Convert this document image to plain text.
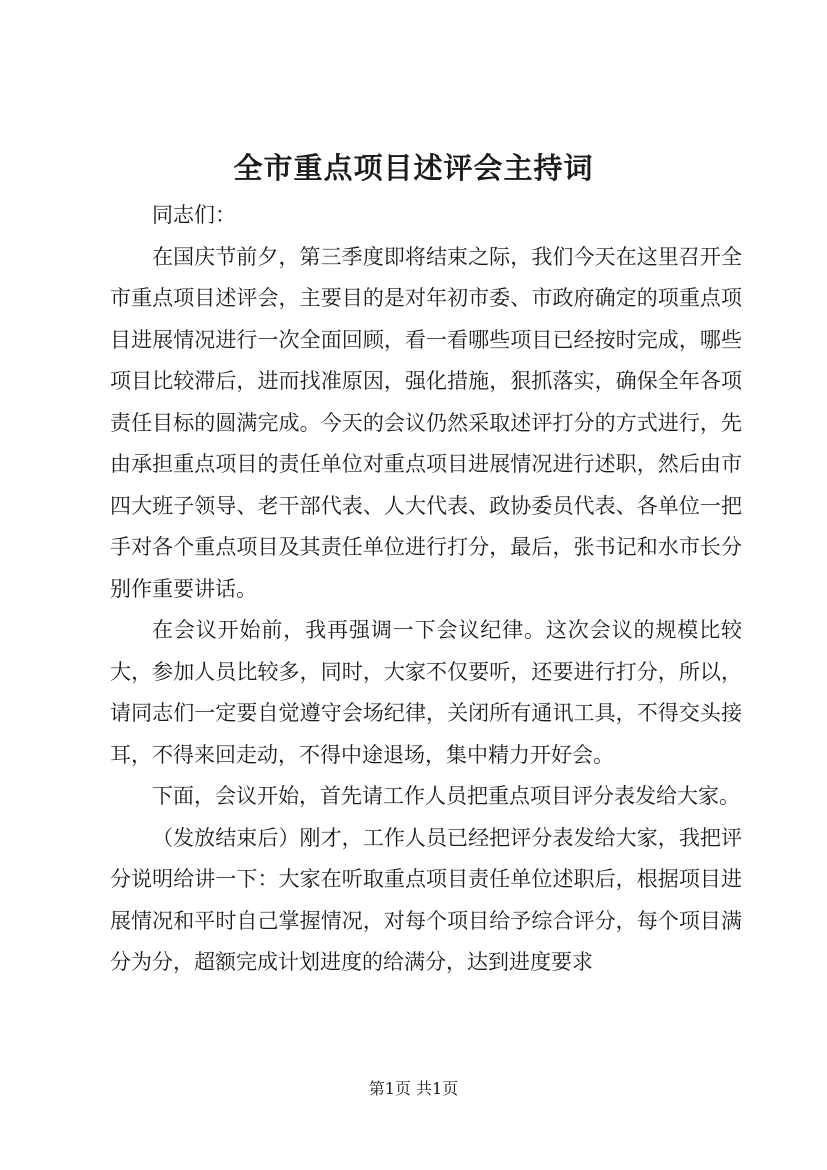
全市重点项目述评会主持词

同志们：

在国庆节前夕，第三季度即将结束之际，我们今天在这里召开全市重点项目述评会，主要目的是对年初市委、市政府确定的项重点项目进展情况进行一次全面回顾，看一看哪些项目已经按时完成，哪些项目比较滞后，进而找准原因，强化措施，狠抓落实，确保全年各项责任目标的圆满完成。今天的会议仍然采取述评打分的方式进行，先由承担重点项目的责任单位对重点项目进展情况进行述职，然后由市四大班子领导、老干部代表、人大代表、政协委员代表、各单位一把手对各个重点项目及其责任单位进行打分，最后，张书记和水市长分别作重要讲话。

在会议开始前，我再强调一下会议纪律。这次会议的规模比较大，参加人员比较多，同时，大家不仅要听，还要进行打分，所以，请同志们一定要自觉遵守会场纪律，关闭所有通讯工具，不得交头接耳，不得来回走动，不得中途退场，集中精力开好会。

下面，会议开始，首先请工作人员把重点项目评分表发给大家。

（发放结束后）刚才，工作人员已经把评分表发给大家，我把评分说明给讲一下：大家在听取重点项目责任单位述职后，根据项目进展情况和平时自己掌握情况，对每个项目给予综合评分，每个项目满分为分，超额完成计划进度的给满分，达到进度要求

第1页 共1页
